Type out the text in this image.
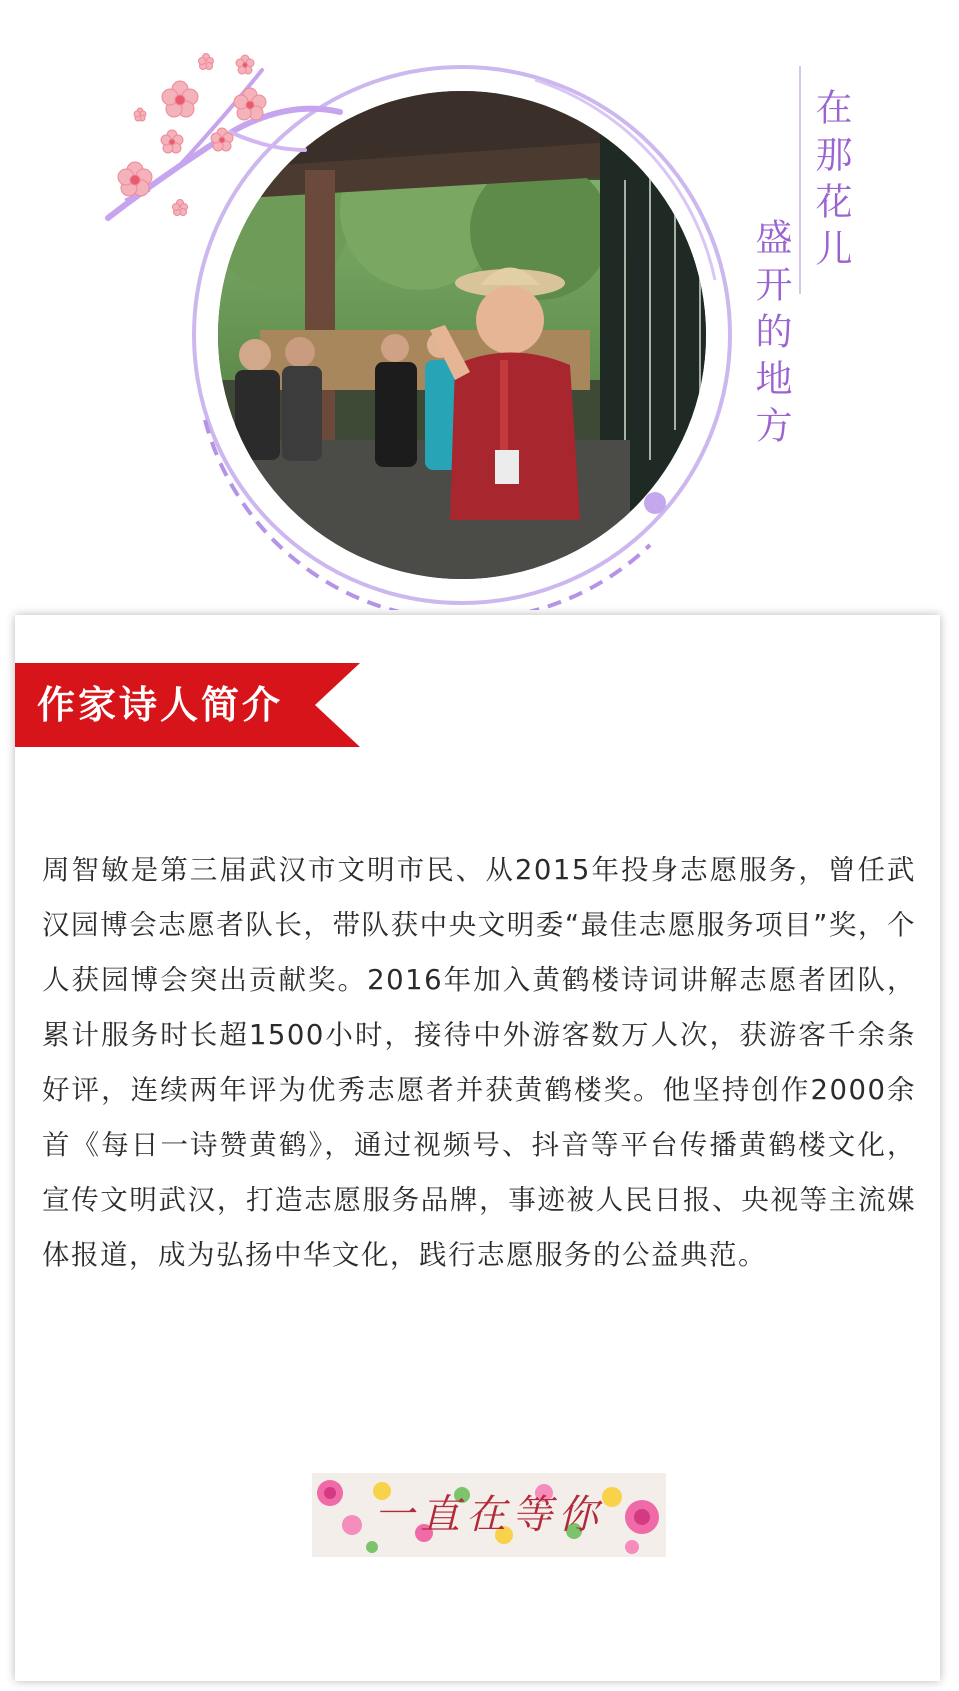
在那花儿
盛开的地方
作家诗人简介

周智敏是第三届武汉市文明市民、从2015年投身志愿服务，曾任武汉园博会志愿者队长，带队获中央文明委“最佳志愿服务项目”奖，个人获园博会突出贡献奖。2016年加入黄鹤楼诗词讲解志愿者团队，累计服务时长超1500小时，接待中外游客数万人次，获游客千余条好评，连续两年评为优秀志愿者并获黄鹤楼奖。他坚持创作2000余首《每日一诗赞黄鹤》，通过视频号、抖音等平台传播黄鹤楼文化，宣传文明武汉，打造志愿服务品牌，事迹被人民日报、央视等主流媒体报道，成为弘扬中华文化，践行志愿服务的公益典范。

一直在等你
